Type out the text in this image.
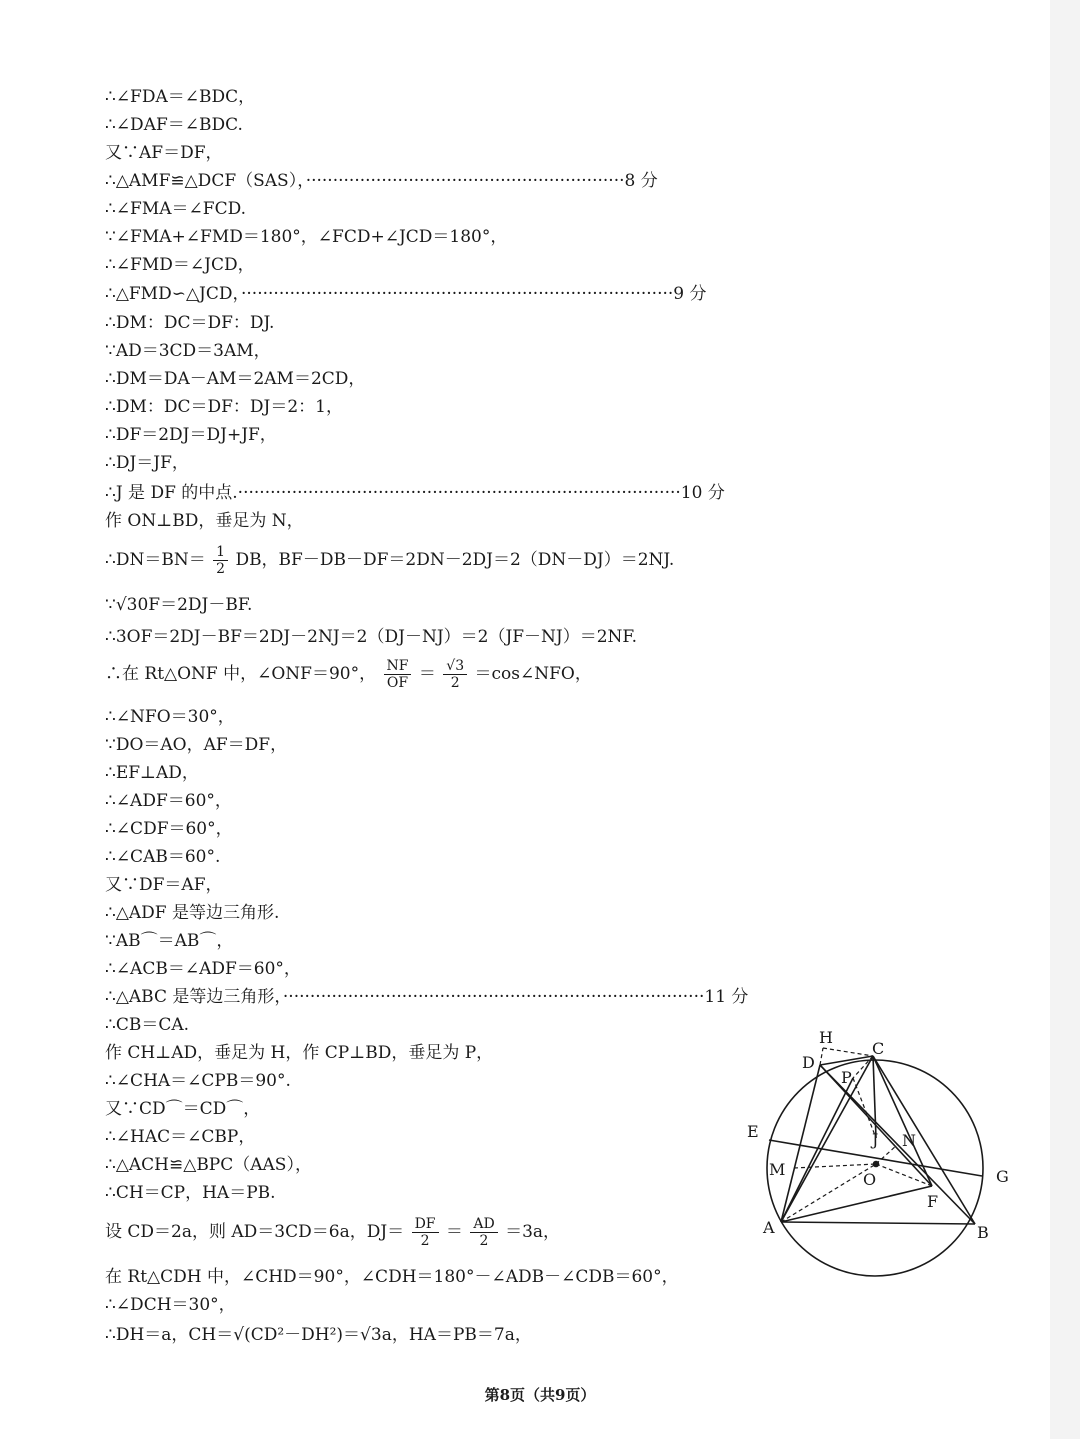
∴∠FDA＝∠BDC，
∴∠DAF＝∠BDC.
又∵AF＝DF，
∴△AMF≌△DCF（SAS），···························································8 分
∴∠FMA＝∠FCD.
∵∠FMA+∠FMD＝180°，∠FCD+∠JCD＝180°，
∴∠FMD＝∠JCD，
∴△FMD∽△JCD，················································································9 分
∴DM：DC＝DF：DJ.
∵AD＝3CD＝3AM，
∴DM＝DA－AM＝2AM＝2CD，
∴DM：DC＝DF：DJ＝2：1，
∴DF＝2DJ＝DJ+JF，
∴DJ＝JF，
∴J 是 DF 的中点.··················································································10 分
作 ON⊥BD，垂足为 N，
∴DN＝BN＝ $\frac{1}{2}$ DB，BF－DB－DF＝2DN－2DJ＝2（DN－DJ）＝2NJ.
∵√30F＝2DJ－BF.
∴3OF＝2DJ－BF＝2DJ－2NJ＝2（DJ－NJ）＝2（JF－NJ）＝2NF.
∴在 Rt△ONF 中，∠ONF＝90°， $\frac{NF}{OF} = \frac{√3}{2}$ ＝cos∠NFO，
∴∠NFO＝30°，
∵DO＝AO，AF＝DF，
∴EF⊥AD，
∴∠ADF＝60°，
∴∠CDF＝60°，
∴∠CAB＝60°.
又∵DF＝AF，
∴△ADF 是等边三角形.
∵AB⌒＝AB⌒，
∴∠ACB＝∠ADF＝60°，
∴△ABC 是等边三角形，··············································································11 分
∴CB＝CA.
作 CH⊥AD，垂足为 H，作 CP⊥BD，垂足为 P，
∴∠CHA＝∠CPB＝90°.
又∵CD⌒＝CD⌒，
∴∠HAC＝∠CBP，
∴△ACH≌△BPC（AAS），
∴CH＝CP，HA＝PB.
设 CD＝2a，则 AD＝3CD＝6a，$DJ= \frac{DF}{2} = \frac{AD}{2} =3a$，
在 Rt△CDH 中，∠CHD＝90°，∠CDH＝180°－∠ADB－∠CDB＝60°，
∴∠DCH＝30°，
∴DH＝a，CH＝√(CD²－DH²)＝√3a，HA＝PB＝7a，
H
C
D
P
E	J N
M
O	G
F
A	B
第8页（共9页）
